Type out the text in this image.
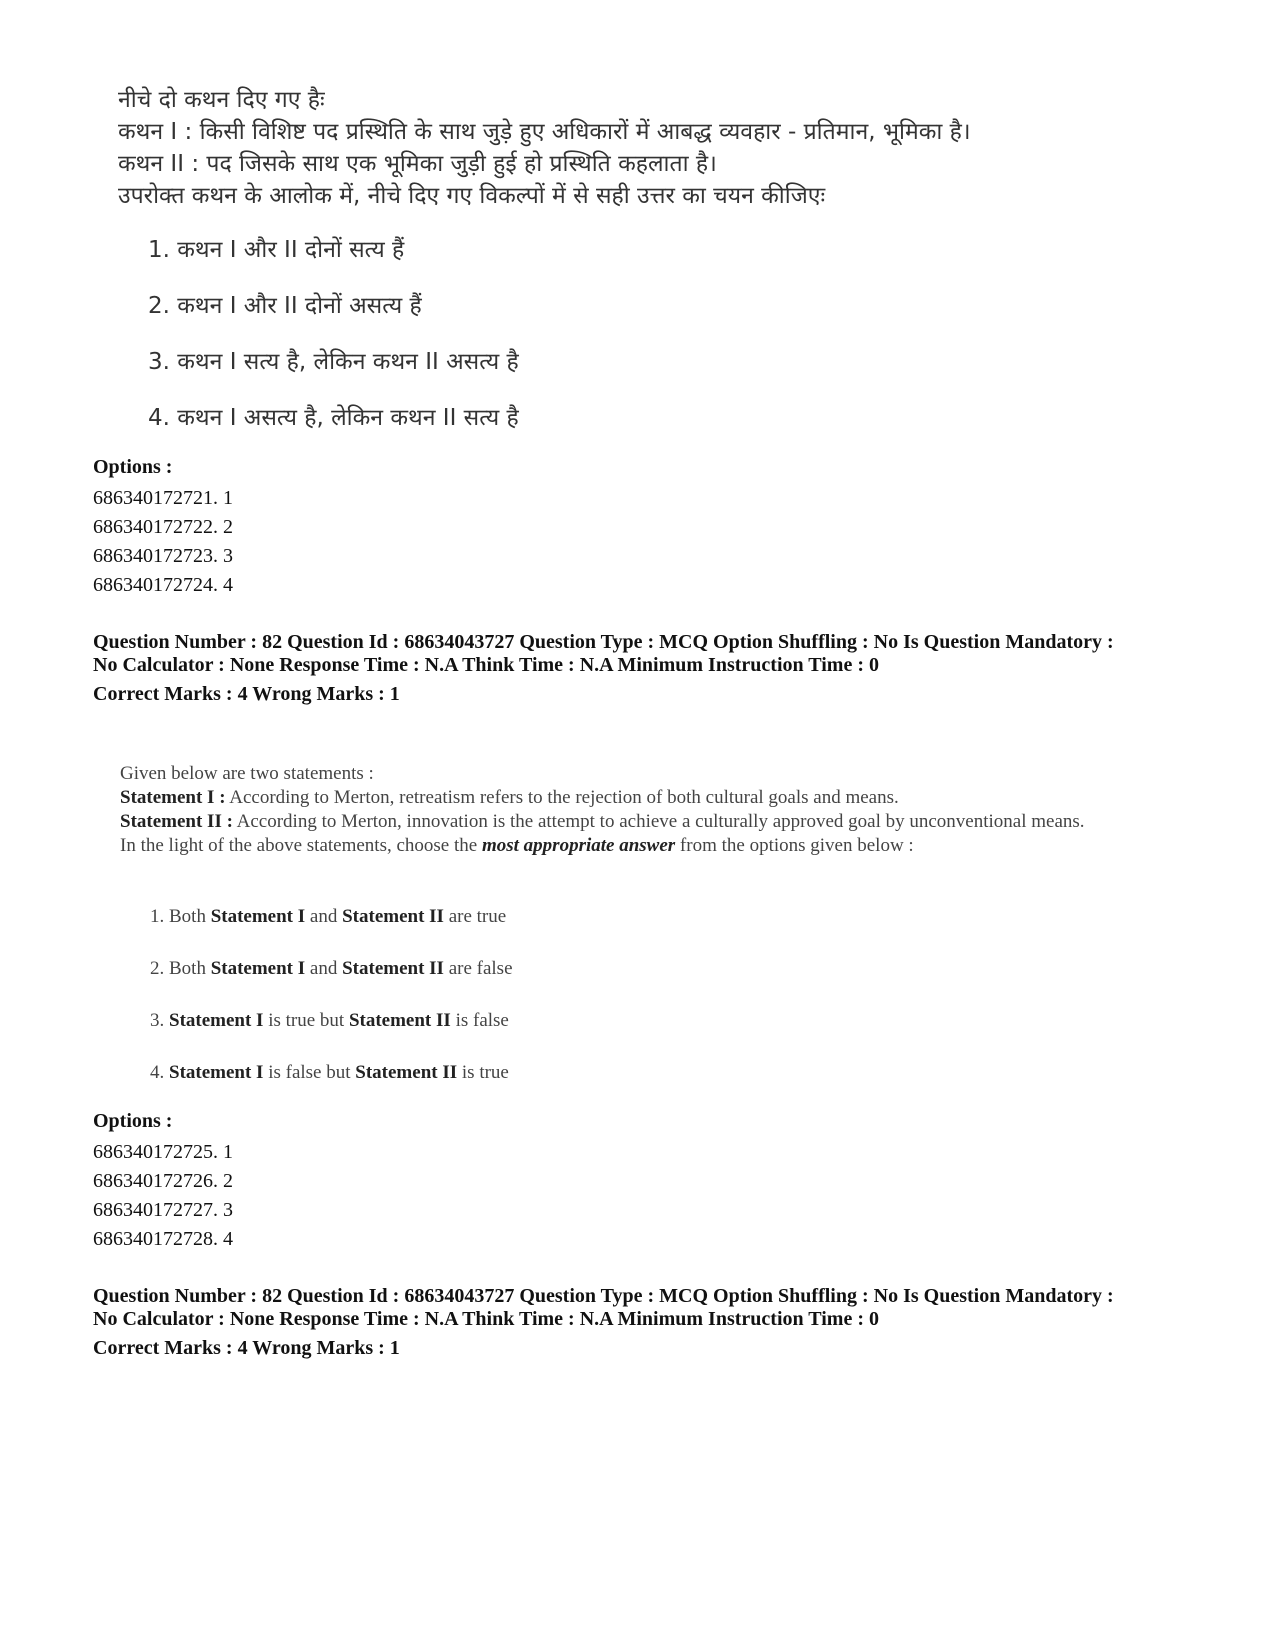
नीचे दो कथन दिए गए हैः
कथन I : किसी विशिष्ट पद प्रस्थिति के साथ जुड़े हुए अधिकारों में आबद्ध व्यवहार - प्रतिमान, भूमिका है।
कथन II : पद जिसके साथ एक भूमिका जुड़ी हुई हो प्रस्थिति कहलाता है।
उपरोक्त कथन के आलोक में, नीचे दिए गए विकल्पों में से सही उत्तर का चयन कीजिएः
1. कथन I और II दोनों सत्य हैं
2. कथन I और II दोनों असत्य हैं
3. कथन I सत्य है, लेकिन कथन II असत्य है
4. कथन I असत्य है, लेकिन कथन II सत्य है
Options :
686340172721. 1
686340172722. 2
686340172723. 3
686340172724. 4
Question Number : 82 Question Id : 68634043727 Question Type : MCQ Option Shuffling : No Is Question Mandatory :
No Calculator : None Response Time : N.A Think Time : N.A Minimum Instruction Time : 0
Correct Marks : 4 Wrong Marks : 1
Given below are two statements :
Statement I : According to Merton, retreatism refers to the rejection of both cultural goals and means.
Statement II : According to Merton, innovation is the attempt to achieve a culturally approved goal by unconventional means.
In the light of the above statements, choose the most appropriate answer from the options given below :
1. Both Statement I and Statement II are true
2. Both Statement I and Statement II are false
3. Statement I is true but Statement II is false
4. Statement I is false but Statement II is true
Options :
686340172725. 1
686340172726. 2
686340172727. 3
686340172728. 4
Question Number : 82 Question Id : 68634043727 Question Type : MCQ Option Shuffling : No Is Question Mandatory :
No Calculator : None Response Time : N.A Think Time : N.A Minimum Instruction Time : 0
Correct Marks : 4 Wrong Marks : 1
